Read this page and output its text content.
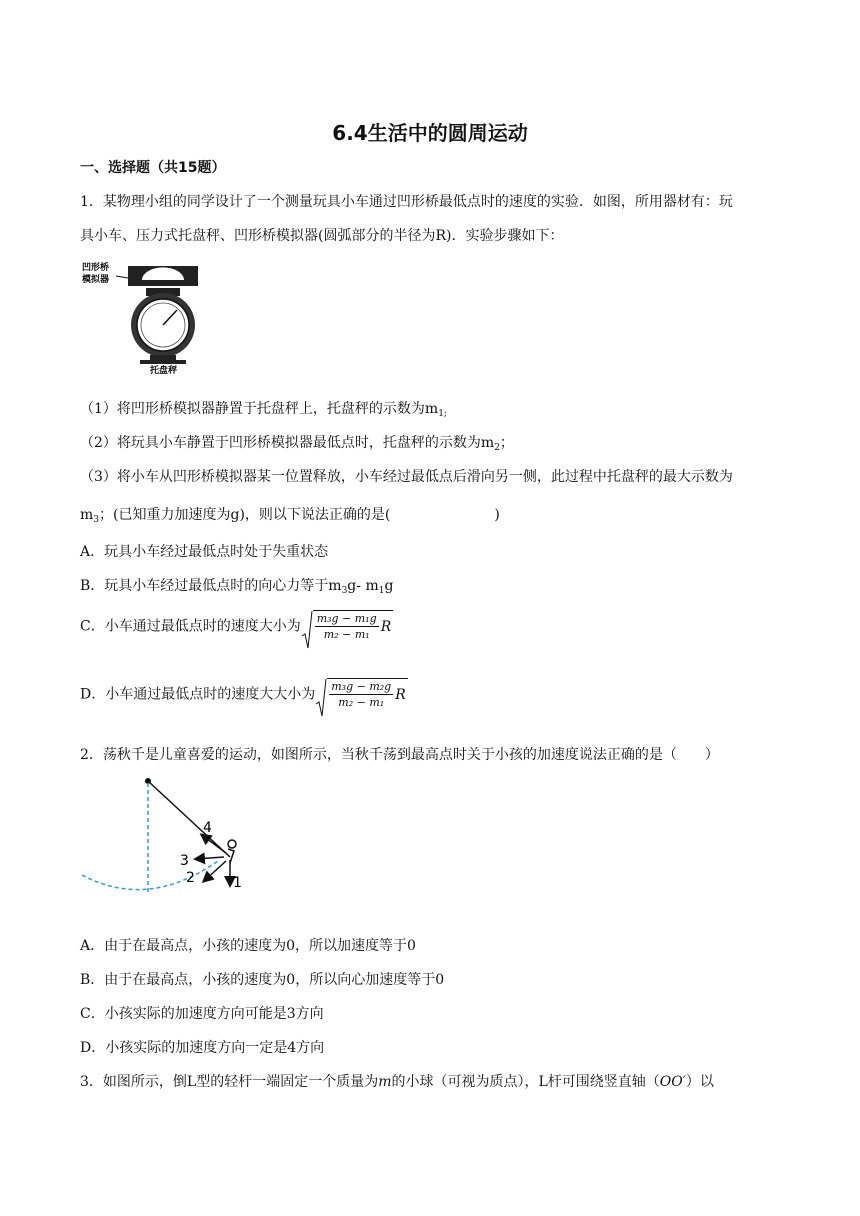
6.4生活中的圆周运动
一、选择题（共15题）
1．某物理小组的同学设计了一个测量玩具小车通过凹形桥最低点时的速度的实验．如图，所用器材有：玩
具小车、压力式托盘秤、凹形桥模拟器(圆弧部分的半径为R)．实验步骤如下：
凹形桥
模拟器
托盘秤
（1）将凹形桥模拟器静置于托盘秤上，托盘秤的示数为$m_{1;}$
（2）将玩具小车静置于凹形桥模拟器最低点时，托盘秤的示数为$m_2$；
（3）将小车从凹形桥模拟器某一位置释放，小车经过最低点后滑向另一侧，此过程中托盘秤的最大示数为
$m_3$；(已知重力加速度为g)，则以下说法正确的是(	)
A．玩具小车经过最低点时处于失重状态
B．玩具小车经过最低点时的向心力等于$m_3g-$ $m_1g$
C．小车通过最低点时的速度大小为 $\frac{\text{m₃g − m₁g}}{\text{m₂ − m₁}}$ R
D．小车通过最低点时的速度大大小为 $\frac{\text{m₃g − m₂g}}{\text{m₂ − m₁}}$ R
2．荡秋千是儿童喜爱的运动，如图所示，当秋千荡到最高点时关于小孩的加速度说法正确的是（　　）
1
2
3
4
A．由于在最高点，小孩的速度为0，所以加速度等于0
B．由于在最高点，小孩的速度为0，所以向心加速度等于0
C．小孩实际的加速度方向可能是3方向
D．小孩实际的加速度方向一定是4方向
3．如图所示，倒L型的轻杆一端固定一个质量为m的小球（可视为质点），L杆可围绕竖直轴（OO′）以
